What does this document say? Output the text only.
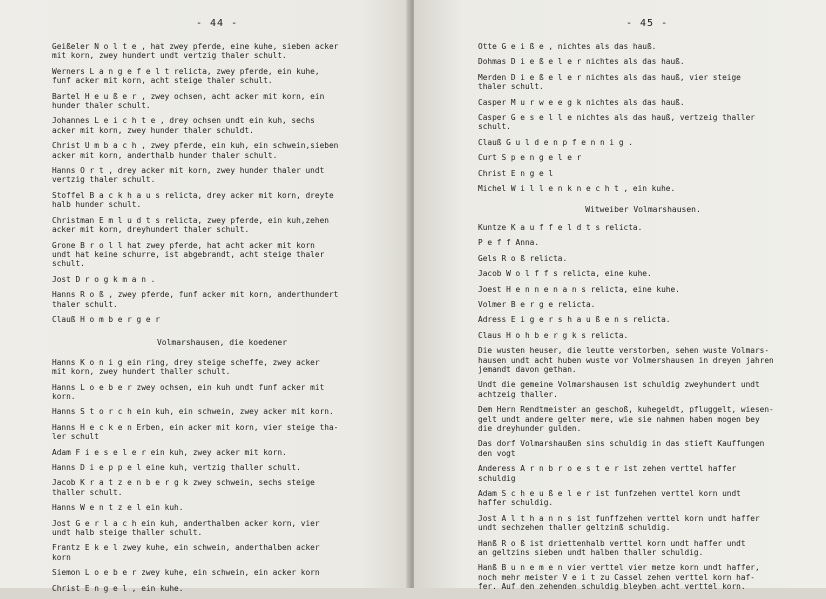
- 44 -
Geißeler N o l t e , hat zwey pferde, eine kuhe, sieben acker
mit korn, zwey hundert undt vertzig thaler schult.
Werners L a n g e f e l t relicta, zwey pferde, ein kuhe,
funf acker mit korn, acht steige thaler schult.
Bartel H e u ß e r , zwey ochsen, acht acker mit korn, ein
hunder thaler schult.
Johannes L e i c h t e , drey ochsen undt ein kuh, sechs
acker mit korn, zwey hunder thaler schuldt.
Christ U m b a c h , zwey pferde, ein kuh, ein schwein,sieben
acker mit korn, anderthalb hunder thaler schult.
Hanns O r t , drey acker mit korn, zwey hunder thaler undt
vertzig thaler schult.
Stoffel B a c k h a u s relicta, drey acker mit korn, dreyte
halb hunder schult.
Christman E m l u d t s relicta, zwey pferde, ein kuh,zehen
acker mit korn, dreyhundert thaler schult.
Grone B r o l l hat zwey pferde, hat acht acker mit korn
undt hat keine schurre, ist abgebrandt, acht steige thaler
schult.
Jost D r o g k m a n .
Hanns R o ß , zwey pferde, funf acker mit korn, anderthundert
thaler schult.
Clauß H o m b e r g e r
Volmarshausen, die koedener
Hanns K o n i g ein ring, drey steige scheffe, zwey acker
mit korn, zwey hundert thaller schult.
Hanns L o e b e r zwey ochsen, ein kuh undt funf acker mit
korn.
Hanns S t o r c h ein kuh, ein schwein, zwey acker mit korn.
Hanns H e c k e n Erben, ein acker mit korn, vier steige tha-
ler schult
Adam F i e s e l e r ein kuh, zwey acker mit korn.
Hanns D i e p p e l eine kuh, vertzig thaller schult.
Jacob K r a t z e n b e r g k zwey schwein, sechs steige
thaller schult.
Hanns W e n t z e l ein kuh.
Jost G e r l a c h ein kuh, anderthalben acker korn, vier
undt halb steige thaller schult.
Frantz E k e l zwey kuhe, ein schwein, anderthalben acker
korn
Siemon L o e b e r zwey kuhe, ein schwein, ein acker korn
Christ E n g e l , ein kuhe.
- 45 -
Otte G e i ß e , nichtes als das hauß.
Dohmas D i e ß e l e r nichtes als das hauß.
Merden D i e ß e l e r nichtes als das hauß, vier steige
thaler schult.
Casper M u r w e e g k nichtes als das hauß.
Casper G e s e l l e nichtes als das hauß, vertzeig thaller
schult.
Clauß G u l d e n p f e n n i g .
Curt S p e n g e l e r
Christ E n g e l
Michel W i l l e n k n e c h t , ein kuhe.
Witweiber Volmarshausen.
Kuntze K a u f f e l d t s relicta.
P e f f Anna.
Gels R o ß relicta.
Jacob W o l f f s relicta, eine kuhe.
Joest H e n n e n a n s relicta, eine kuhe.
Volmer B e r g e relicta.
Adress E i g e r s h a u ß e n s relicta.
Claus H o h b e r g k s relicta.
Die wusten heuser, die leutte verstorben, sehen wuste Volmars-
hausen undt acht huben wuste vor Volmershausen in dreyen jahren
jemandt davon gethan.
Undt die gemeine Volmarshausen ist schuldig zweyhundert undt
achtzeig thaller.
Dem Hern Rendtmeister an geschoß, kuhegeldt, pfluggelt, wiesen-
gelt undt andere gelter mere, wie sie nahmen haben mogen bey
die dreyhunder gulden.
Das dorf Volmarshaußen sins schuldig in das stieft Kauffungen
den vogt
Anderess A r n b r o e s t e r ist zehen verttel haffer
schuldig
Adam S c h e u ß e l e r ist funfzehen verttel korn undt
haffer schuldig.
Jost A l t h a n n s ist funffzehen verttel korn undt haffer
undt sechzehen thaller geltzinß schuldig.
Hanß R o ß ist driettenhalb verttel korn undt haffer undt
an geltzins sieben undt halben thaller schuldig.
Hanß B u n e m e n vier verttel vier metze korn undt haffer,
noch mehr meister V e i t zu Cassel zehen verttel korn haf-
fer. Auf den zehenden schuldig bleyben acht verttel korn.
